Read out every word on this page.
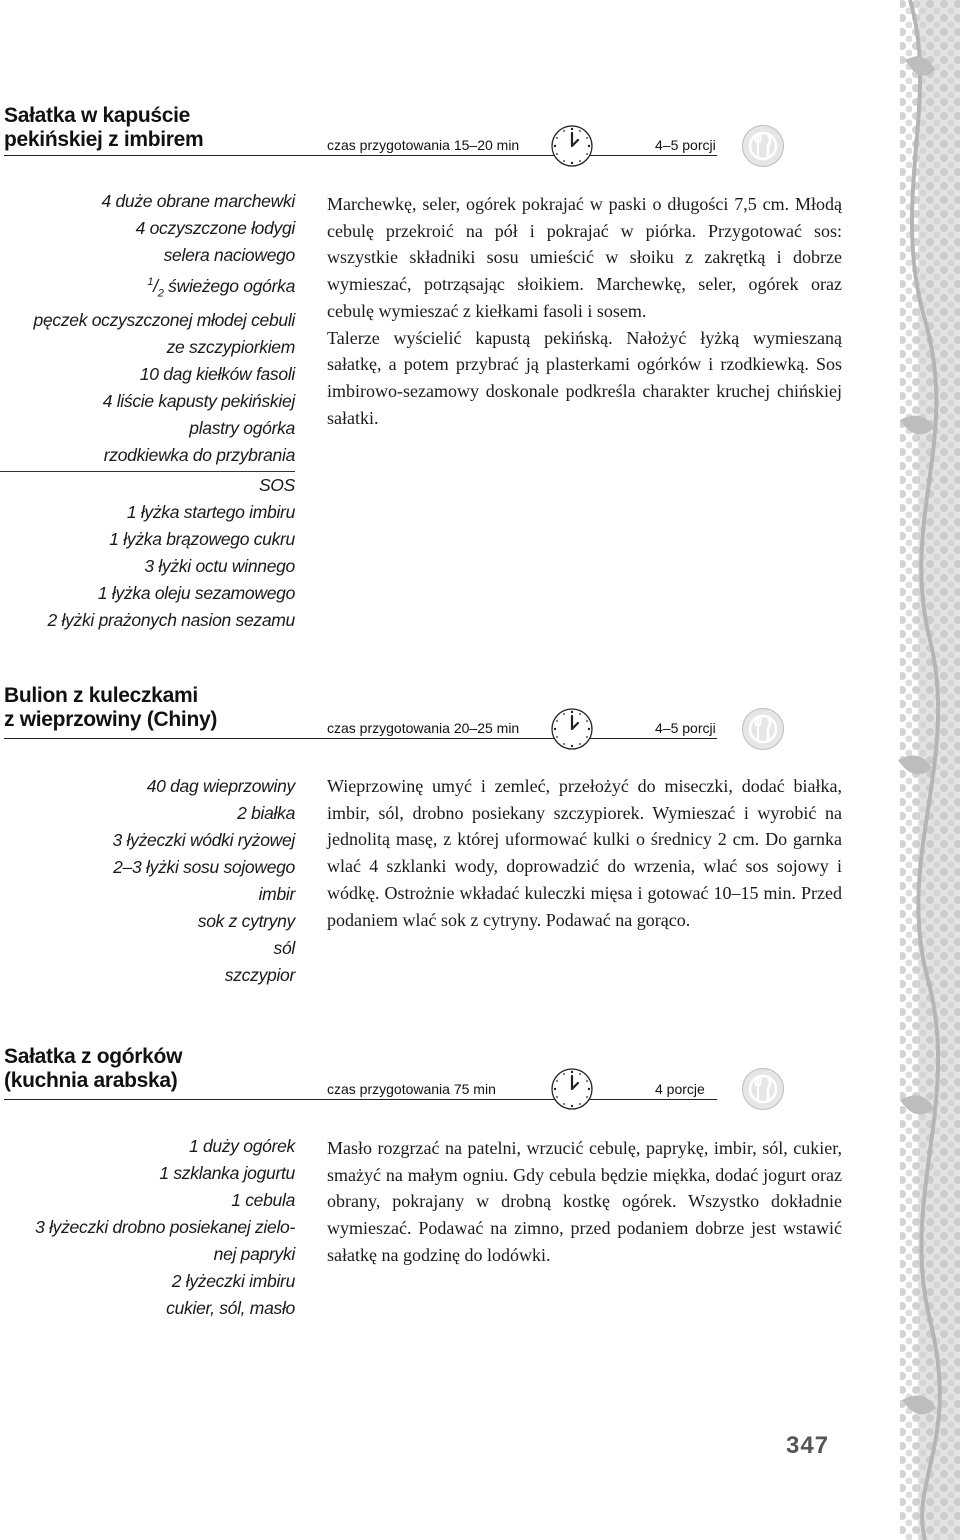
Sałatka w kapuście
pekińskiej z imbirem	czas przygotowania 15–20 min	4–5 porcji
4 duże obrane marchewki
4 oczyszczone łodygi
selera naciowego
$^1/_2$ świeżego ogórka
pęczek oczyszczonej młodej cebuli
ze szczypiorkiem
10 dag kiełków fasoli
4 liście kapusty pekińskiej
plastry ogórka
rzodkiewka do przybrania
SOS
1 łyżka startego imbiru
1 łyżka brązowego cukru
3 łyżki octu winnego
1 łyżka oleju sezamowego
2 łyżki prażonych nasion sezamu

Marchewkę, seler, ogórek pokrajać w paski o długości 7,5 cm. Młodą cebulę przekroić na pół i pokrajać w piórka. Przygotować sos: wszystkie składniki sosu umieścić w słoiku z zakrętką i dobrze wymieszać, potrząsając słoikiem. Marchewkę, seler, ogórek oraz cebulę wymieszać z kiełkami fasoli i sosem.

Talerze wyścielić kapustą pekińską. Nałożyć łyżką wymieszaną sałatkę, a potem przybrać ją plasterkami ogórków i rzodkiewką. Sos imbirowo-sezamowy doskonale podkreśla charakter kruchej chińskiej sałatki.

Bulion z kuleczkami
z wieprzowiny (Chiny)	czas przygotowania 20–25 min	4–5 porcji
40 dag wieprzowiny
2 białka
3 łyżeczki wódki ryżowej
2–3 łyżki sosu sojowego
imbir
sok z cytryny
sól
szczypior

Wieprzowinę umyć i zemleć, przełożyć do miseczki, dodać białka, imbir, sól, drobno posiekany szczypiorek. Wymieszać i wyrobić na jednolitą masę, z której uformować kulki o średnicy 2 cm. Do garnka wlać 4 szklanki wody, doprowadzić do wrzenia, wlać sos sojowy i wódkę. Ostrożnie wkładać kuleczki mięsa i gotować 10–15 min. Przed podaniem wlać sok z cytryny. Podawać na gorąco.

Sałatka z ogórków
(kuchnia arabska)	czas przygotowania 75 min	4 porcje
1 duży ogórek
1 szklanka jogurtu
1 cebula
3 łyżeczki drobno posiekanej zielo-
nej papryki
2 łyżeczki imbiru
cukier, sól, masło

Masło rozgrzać na patelni, wrzucić cebulę, paprykę, imbir, sól, cukier, smażyć na małym ogniu. Gdy cebula będzie miękka, dodać jogurt oraz obrany, pokrajany w drobną kostkę ogórek. Wszystko dokładnie wymieszać. Podawać na zimno, przed podaniem dobrze jest wstawić sałatkę na godzinę do lodówki.

347
